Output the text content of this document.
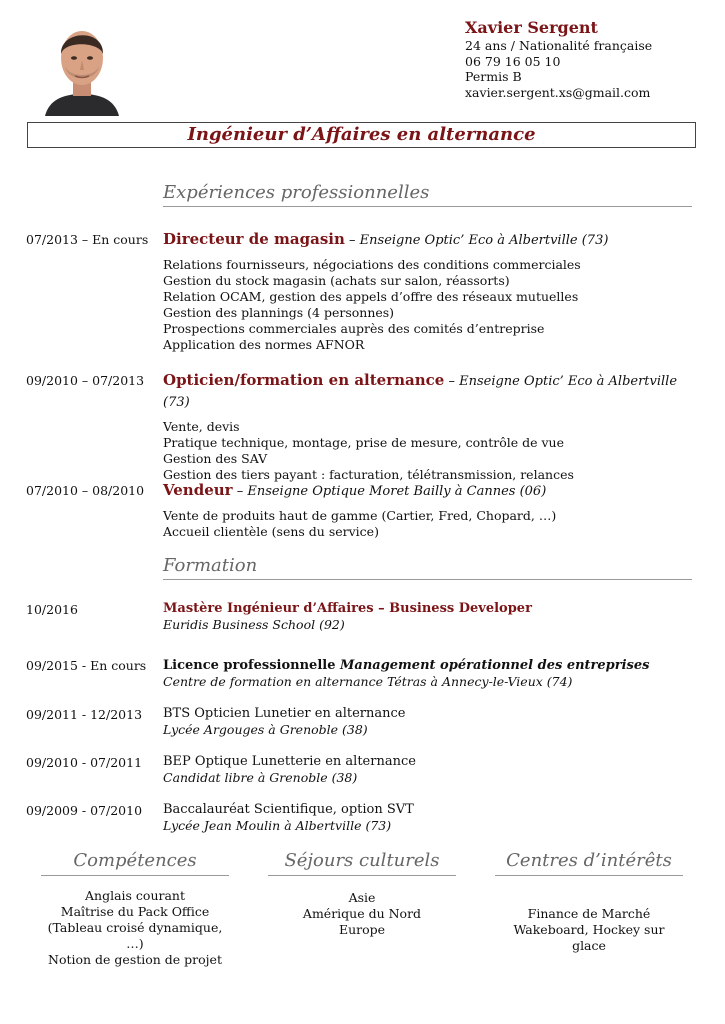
Xavier Sergent
24 ans / Nationalité française
06 79 16 05 10
Permis B
xavier.sergent.xs@gmail.com
Ingénieur d’Affaires en alternance
Expériences professionnelles
07/2013 – En cours Directeur de magasin – Enseigne Optic’ Eco à Albertville (73)
Relations fournisseurs, négociations des conditions commerciales
Gestion du stock magasin (achats sur salon, réassorts)
Relation OCAM, gestion des appels d’offre des réseaux mutuelles
Gestion des plannings (4 personnes)
Prospections commerciales auprès des comités d’entreprise
Application des normes AFNOR
09/2010 – 07/2013 Opticien/formation en alternance – Enseigne Optic’ Eco à Albertville (73)
Vente, devis
Pratique technique, montage, prise de mesure, contrôle de vue
Gestion des SAV
Gestion des tiers payant : facturation, télétransmission, relances
07/2010 – 08/2010 Vendeur – Enseigne Optique Moret Bailly à Cannes (06)
Vente de produits haut de gamme (Cartier, Fred, Chopard, …)
Accueil clientèle (sens du service)
Formation
10/2016	Mastère Ingénieur d’Affaires – Business Developer
Euridis Business School (92)
09/2015 - En cours Licence professionnelle Management opérationnel des entreprises
Centre de formation en alternance Tétras à Annecy-le-Vieux (74)
09/2011 - 12/2013 BTS Opticien Lunetier en alternance
Lycée Argouges à Grenoble (38)
09/2010 - 07/2011 BEP Optique Lunetterie en alternance
Candidat libre à Grenoble (38)
09/2009 - 07/2010 Baccalauréat Scientifique, option SVT
Lycée Jean Moulin à Albertville (73)
Compétences
Anglais courant
Maîtrise du Pack Office
(Tableau croisé dynamique, …)
Notion de gestion de projet
Séjours culturels
Asie
Amérique du Nord
Europe
Centres d’intérêts
Finance de Marché
Wakeboard, Hockey sur glace
